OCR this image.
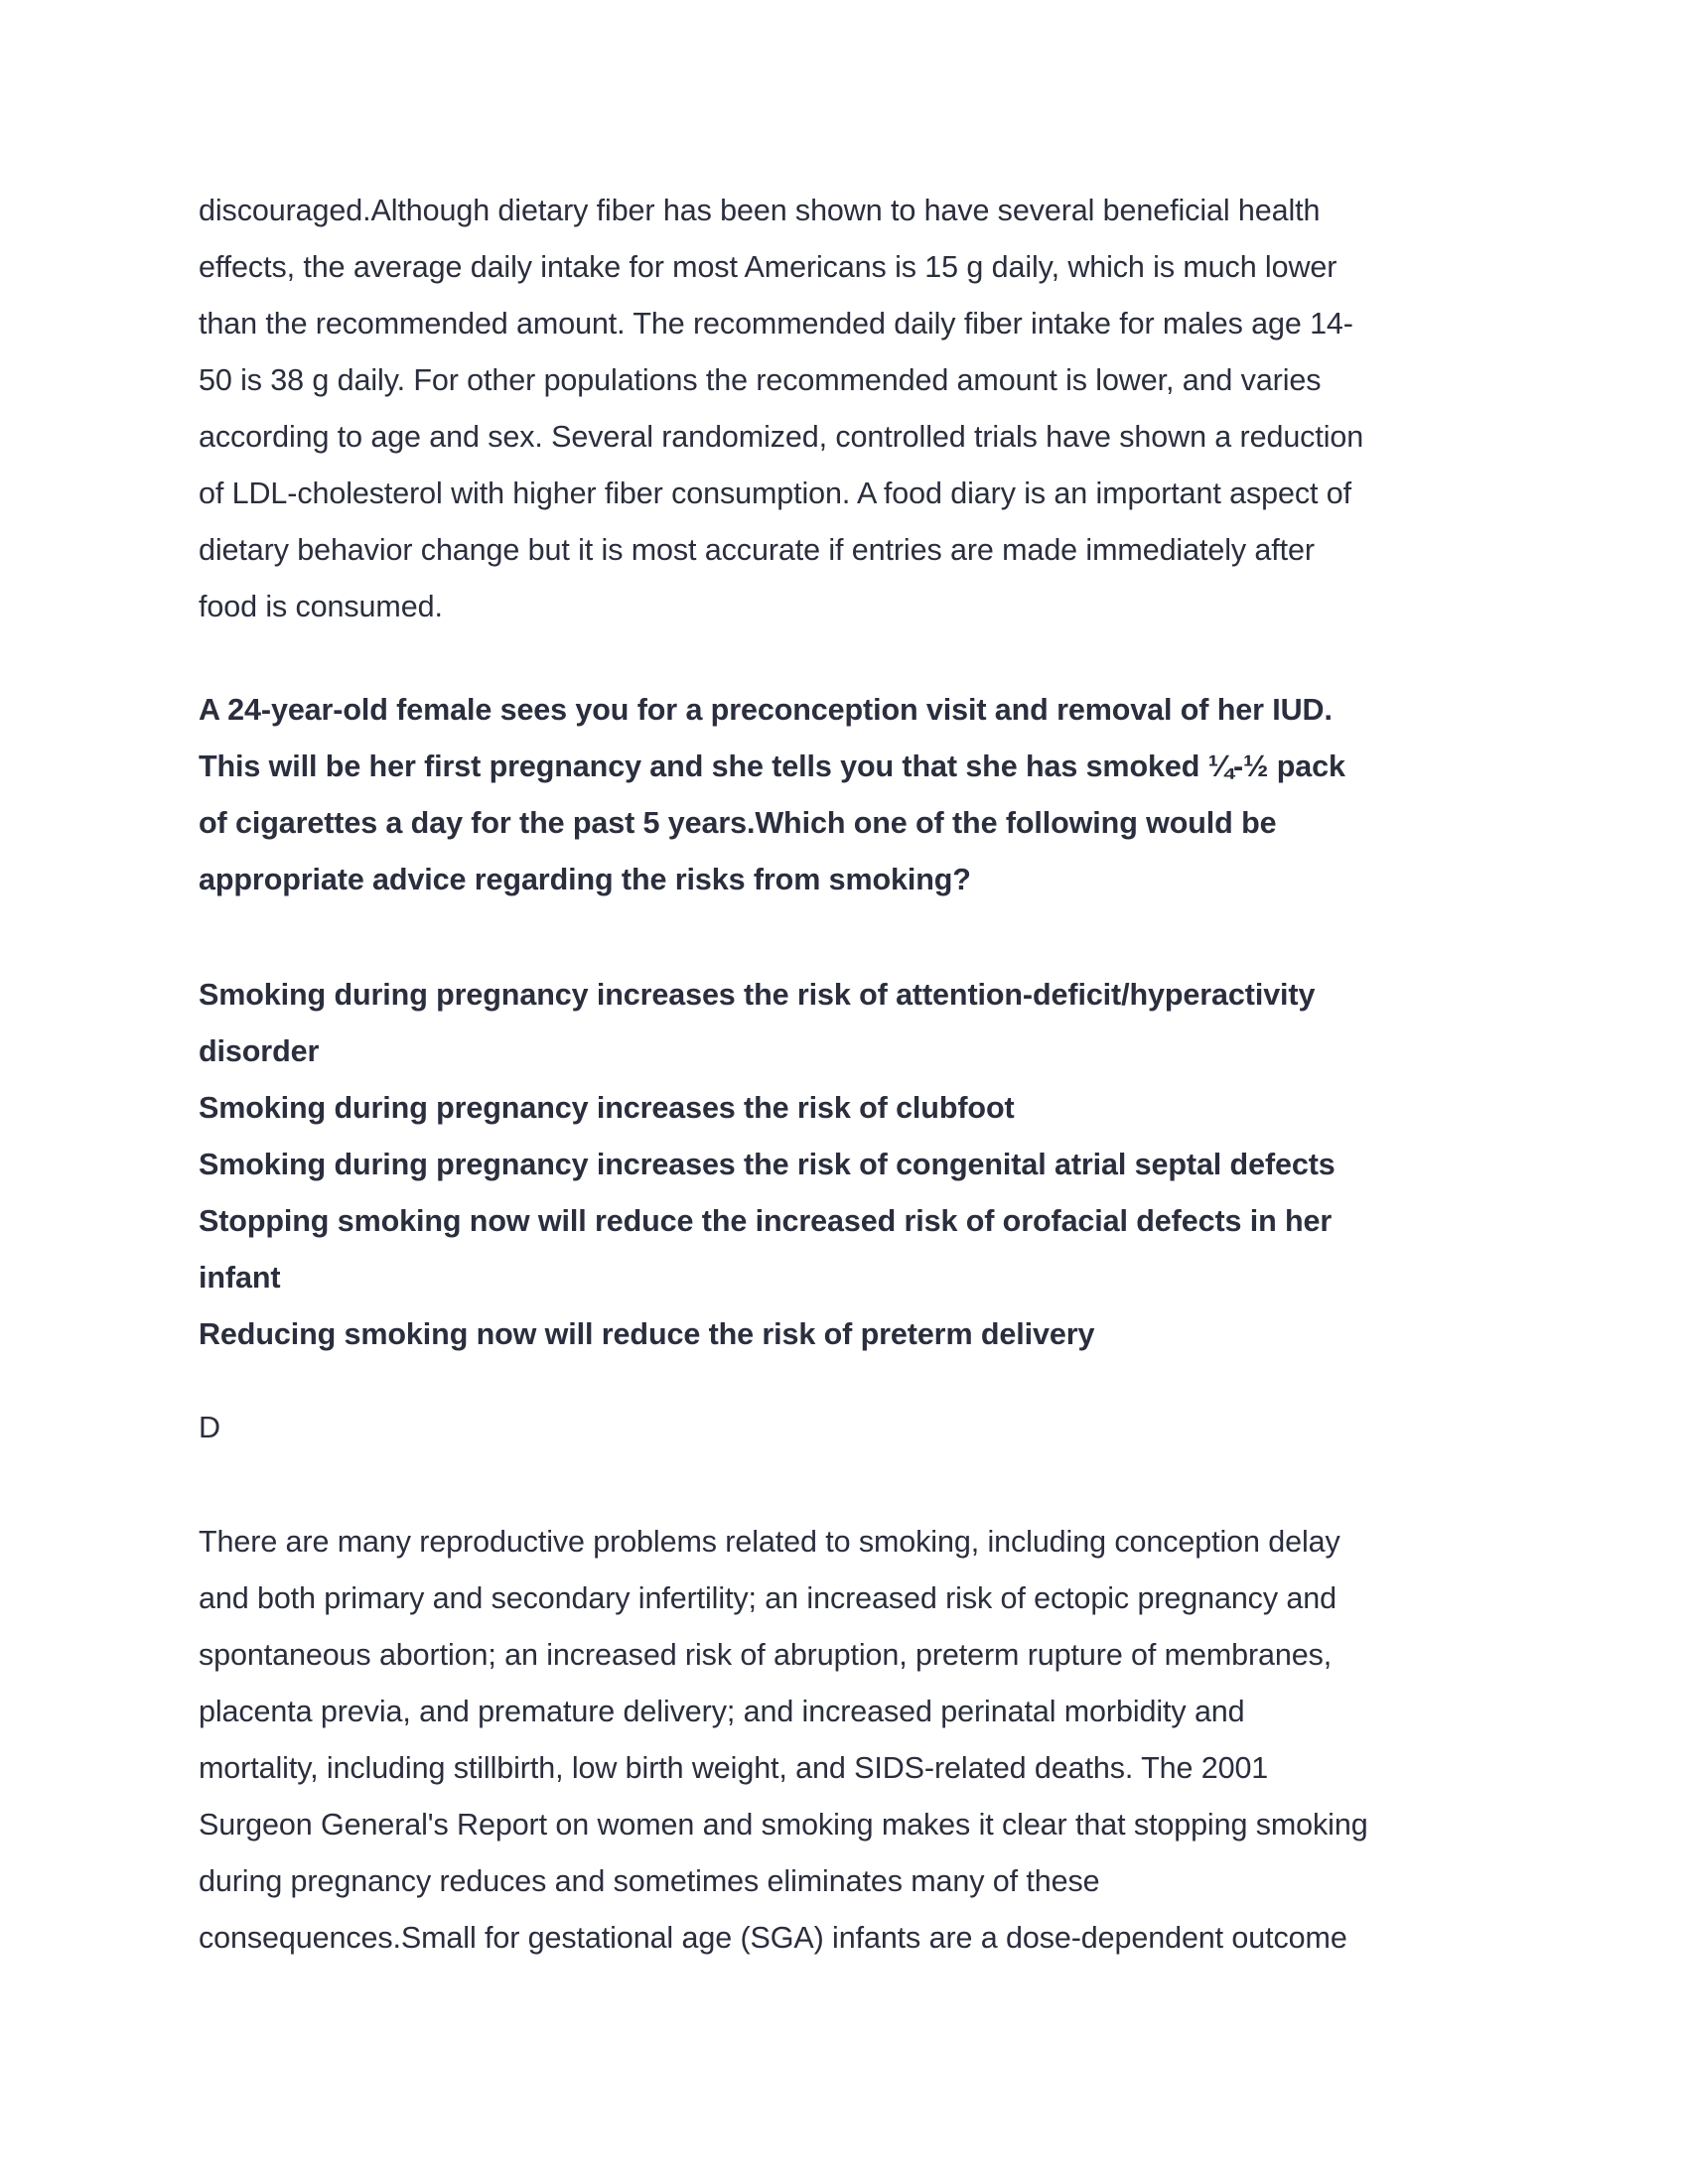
discouraged.Although dietary fiber has been shown to have several beneficial health
effects, the average daily intake for most Americans is 15 g daily, which is much lower
than the recommended amount. The recommended daily fiber intake for males age 14-
50 is 38 g daily. For other populations the recommended amount is lower, and varies
according to age and sex. Several randomized, controlled trials have shown a reduction
of LDL-cholesterol with higher fiber consumption. A food diary is an important aspect of
dietary behavior change but it is most accurate if entries are made immediately after
food is consumed.
A 24-year-old female sees you for a preconception visit and removal of her IUD.
This will be her first pregnancy and she tells you that she has smoked ¼-½ pack
of cigarettes a day for the past 5 years.Which one of the following would be
appropriate advice regarding the risks from smoking?
Smoking during pregnancy increases the risk of attention-deficit/hyperactivity
disorder
Smoking during pregnancy increases the risk of clubfoot
Smoking during pregnancy increases the risk of congenital atrial septal defects
Stopping smoking now will reduce the increased risk of orofacial defects in her
infant
Reducing smoking now will reduce the risk of preterm delivery
D
There are many reproductive problems related to smoking, including conception delay
and both primary and secondary infertility; an increased risk of ectopic pregnancy and
spontaneous abortion; an increased risk of abruption, preterm rupture of membranes,
placenta previa, and premature delivery; and increased perinatal morbidity and
mortality, including stillbirth, low birth weight, and SIDS-related deaths. The 2001
Surgeon General's Report on women and smoking makes it clear that stopping smoking
during pregnancy reduces and sometimes eliminates many of these
consequences.Small for gestational age (SGA) infants are a dose-dependent outcome
